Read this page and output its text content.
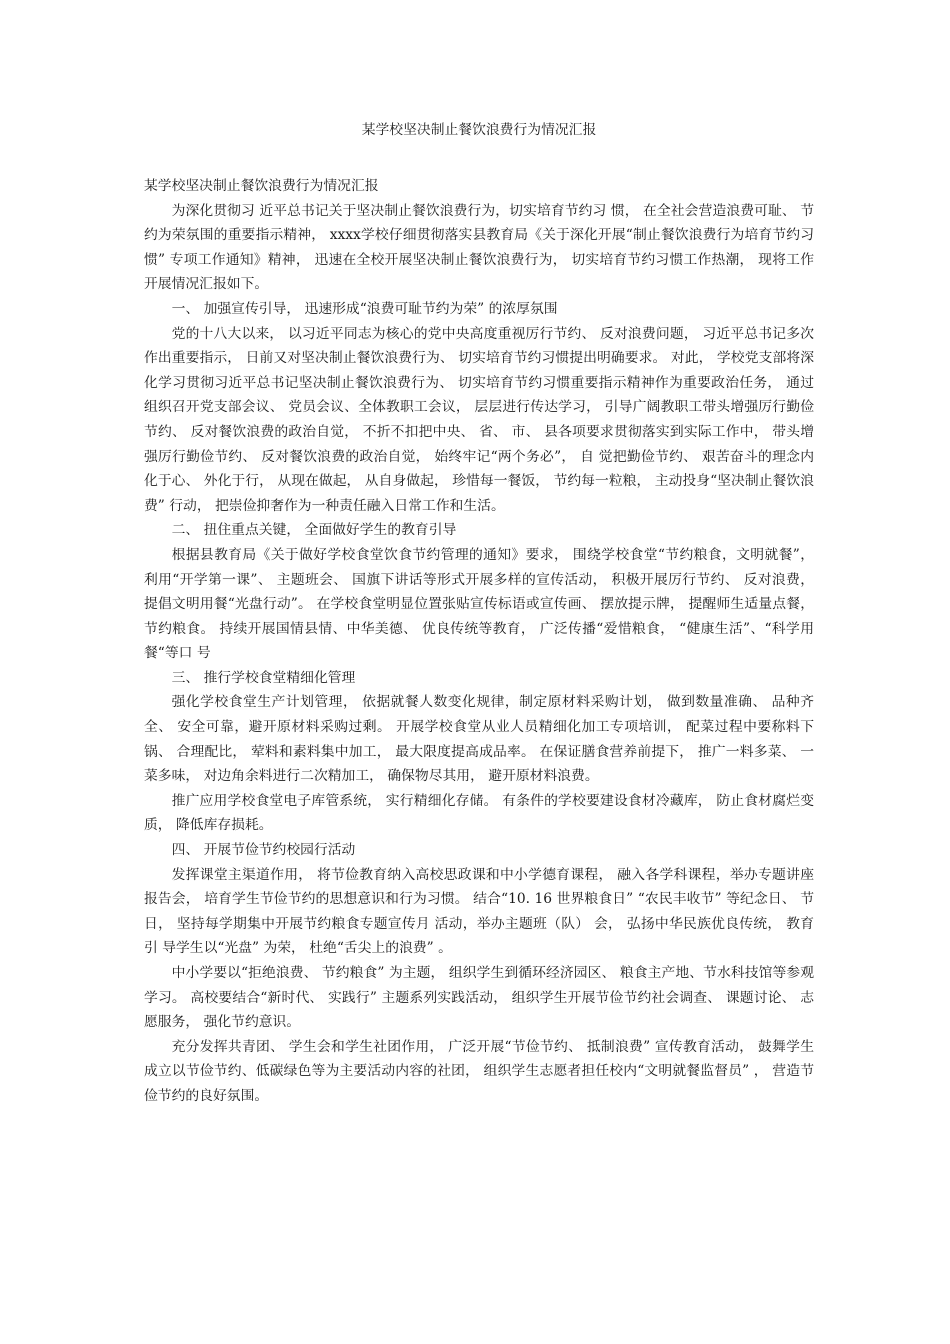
某学校坚决制止餐饮浪费行为情况汇报

某学校坚决制止餐饮浪费行为情况汇报

为深化贯彻习 近平总书记关于坚决制止餐饮浪费行为，切实培育节约习 惯， 在全社会营造浪费可耻、 节约为荣氛围的重要指示精神， xxxx学校仔细贯彻落实县教育局《关于深化开展“制止餐饮浪费行为培育节约习 惯” 专项工作通知》精神， 迅速在全校开展坚决制止餐饮浪费行为， 切实培育节约习惯工作热潮， 现将工作开展情况汇报如下。

一、 加强宣传引导， 迅速形成“浪费可耻节约为荣” 的浓厚氛围

党的十八大以来， 以习近平同志为核心的党中央高度重视厉行节约、 反对浪费问题， 习近平总书记多次作出重要指示， 日前又对坚决制止餐饮浪费行为、 切实培育节约习惯提出明确要求。 对此， 学校党支部将深化学习贯彻习近平总书记坚决制止餐饮浪费行为、 切实培育节约习惯重要指示精神作为重要政治任务， 通过组织召开党支部会议、 党员会议、全体教职工会议， 层层进行传达学习， 引导广阔教职工带头增强厉行勤俭节约、 反对餐饮浪费的政治自觉， 不折不扣把中央、 省、 市、 县各项要求贯彻落实到实际工作中， 带头增强厉行勤俭节约、 反对餐饮浪费的政治自觉， 始终牢记“两个务必”， 自 觉把勤俭节约、 艰苦奋斗的理念内化于心、 外化于行， 从现在做起， 从自身做起， 珍惜每一餐饭， 节约每一粒粮， 主动投身“坚决制止餐饮浪费” 行动， 把崇俭抑奢作为一种责任融入日常工作和生活。

二、 扭住重点关键， 全面做好学生的教育引导

根据县教育局《关于做好学校食堂饮食节约管理的通知》要求， 围绕学校食堂“节约粮食，文明就餐”， 利用“开学第一课”、 主题班会、 国旗下讲话等形式开展多样的宣传活动， 积极开展厉行节约、 反对浪费， 提倡文明用餐“光盘行动”。 在学校食堂明显位置张贴宣传标语或宣传画、 摆放提示牌， 提醒师生适量点餐， 节约粮食。 持续开展国情县情、中华美德、 优良传统等教育， 广泛传播“爱惜粮食， “健康生活”、“科学用餐“等口 号

三、 推行学校食堂精细化管理

强化学校食堂生产计划管理， 依据就餐人数变化规律，制定原材料采购计划， 做到数量准确、 品种齐全、 安全可靠，避开原材料采购过剩。 开展学校食堂从业人员精细化加工专项培训， 配菜过程中要称料下锅、 合理配比， 荤料和素料集中加工， 最大限度提高成品率。 在保证膳食营养前提下， 推广一料多菜、 一菜多味， 对边角余料进行二次精加工， 确保物尽其用， 避开原材料浪费。

推广应用学校食堂电子库管系统， 实行精细化存储。 有条件的学校要建设食材冷藏库， 防止食材腐烂变质， 降低库存损耗。

四、 开展节俭节约校园行活动

发挥课堂主渠道作用， 将节俭教育纳入高校思政课和中小学德育课程， 融入各学科课程，举办专题讲座报告会， 培育学生节俭节约的思想意识和行为习惯。 结合“10. 16 世界粮食日” “农民丰收节” 等纪念日、 节日， 坚持每学期集中开展节约粮食专题宣传月 活动，举办主题班（队） 会， 弘扬中华民族优良传统， 教育引 导学生以“光盘” 为荣， 杜绝“舌尖上的浪费” 。

中小学要以“拒绝浪费、 节约粮食” 为主题， 组织学生到循环经济园区、 粮食主产地、节水科技馆等参观学习。 高校要结合“新时代、 实践行” 主题系列实践活动， 组织学生开展节俭节约社会调查、 课题讨论、 志愿服务， 强化节约意识。

充分发挥共青团、 学生会和学生社团作用， 广泛开展“节俭节约、 抵制浪费” 宣传教育活动， 鼓舞学生成立以节俭节约、低碳绿色等为主要活动内容的社团， 组织学生志愿者担任校内“文明就餐监督员” ， 营造节俭节约的良好氛围。
